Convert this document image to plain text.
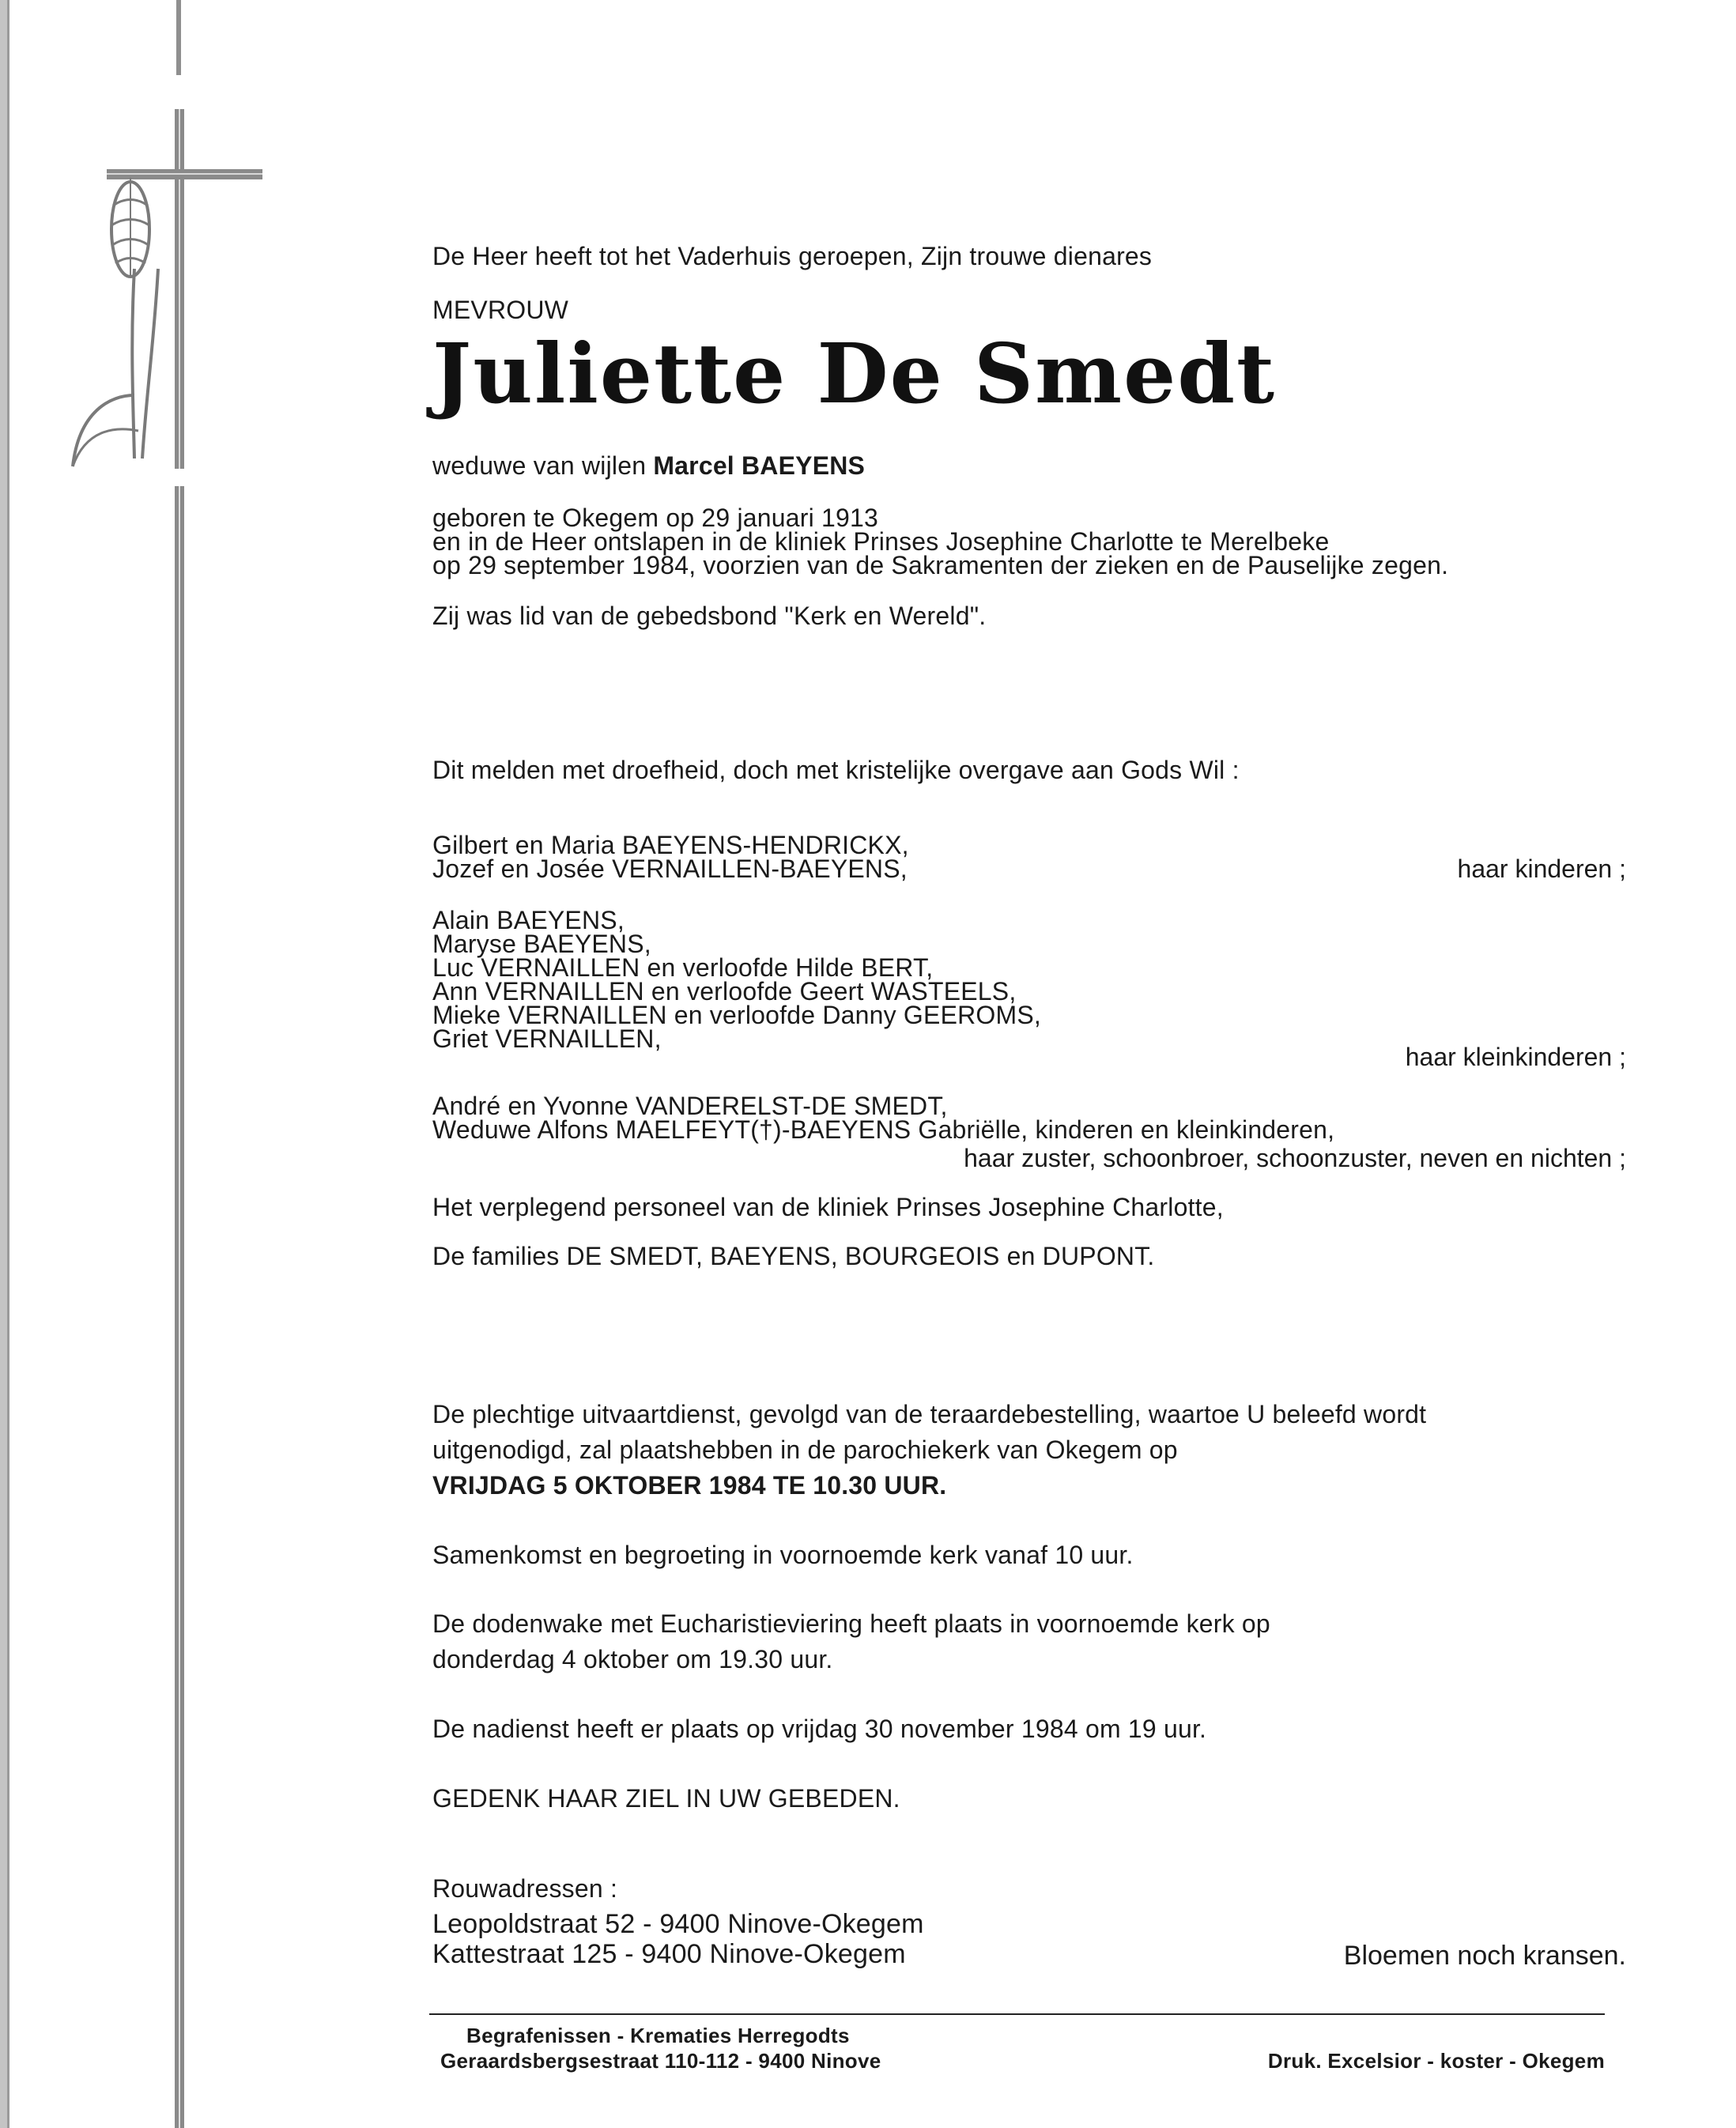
De Heer heeft tot het Vaderhuis geroepen, Zijn trouwe dienares
MEVROUW
Juliette De Smedt
weduwe van wijlen Marcel BAEYENS
geboren te Okegem op 29 januari 1913
en in de Heer ontslapen in de kliniek Prinses Josephine Charlotte te Merelbeke
op 29 september 1984, voorzien van de Sakramenten der zieken en de Pauselijke zegen.
Zij was lid van de gebedsbond "Kerk en Wereld".
Dit melden met droefheid, doch met kristelijke overgave aan Gods Wil :
Gilbert en Maria BAEYENS-HENDRICKX,
Jozef en Josée VERNAILLEN-BAEYENS,	haar kinderen ;
Alain BAEYENS,
Maryse BAEYENS,
Luc VERNAILLEN en verloofde Hilde BERT,
Ann VERNAILLEN en verloofde Geert WASTEELS,
Mieke VERNAILLEN en verloofde Danny GEEROMS,
Griet VERNAILLEN,
haar kleinkinderen ;
André en Yvonne VANDERELST-DE SMEDT,
Weduwe Alfons MAELFEYT(†)-BAEYENS Gabriëlle, kinderen en kleinkinderen,
haar zuster, schoonbroer, schoonzuster, neven en nichten ;
Het verplegend personeel van de kliniek Prinses Josephine Charlotte,
De families DE SMEDT, BAEYENS, BOURGEOIS en DUPONT.
De plechtige uitvaartdienst, gevolgd van de teraardebestelling, waartoe U beleefd wordt
uitgenodigd, zal plaatshebben in de parochiekerk van Okegem op
VRIJDAG 5 OKTOBER 1984 TE 10.30 UUR.
Samenkomst en begroeting in voornoemde kerk vanaf 10 uur.
De dodenwake met Eucharistieviering heeft plaats in voornoemde kerk op
donderdag 4 oktober om 19.30 uur.
De nadienst heeft er plaats op vrijdag 30 november 1984 om 19 uur.
GEDENK HAAR ZIEL IN UW GEBEDEN.
Rouwadressen :
Leopoldstraat 52 - 9400 Ninove-Okegem
Kattestraat 125 - 9400 Ninove-Okegem	Bloemen noch kransen.
Begrafenissen - Kremati​es Herregodts
Geraardsbergsestraat 110-112 - 9400 Ninove	Druk. Excelsior - koster - Okegem
